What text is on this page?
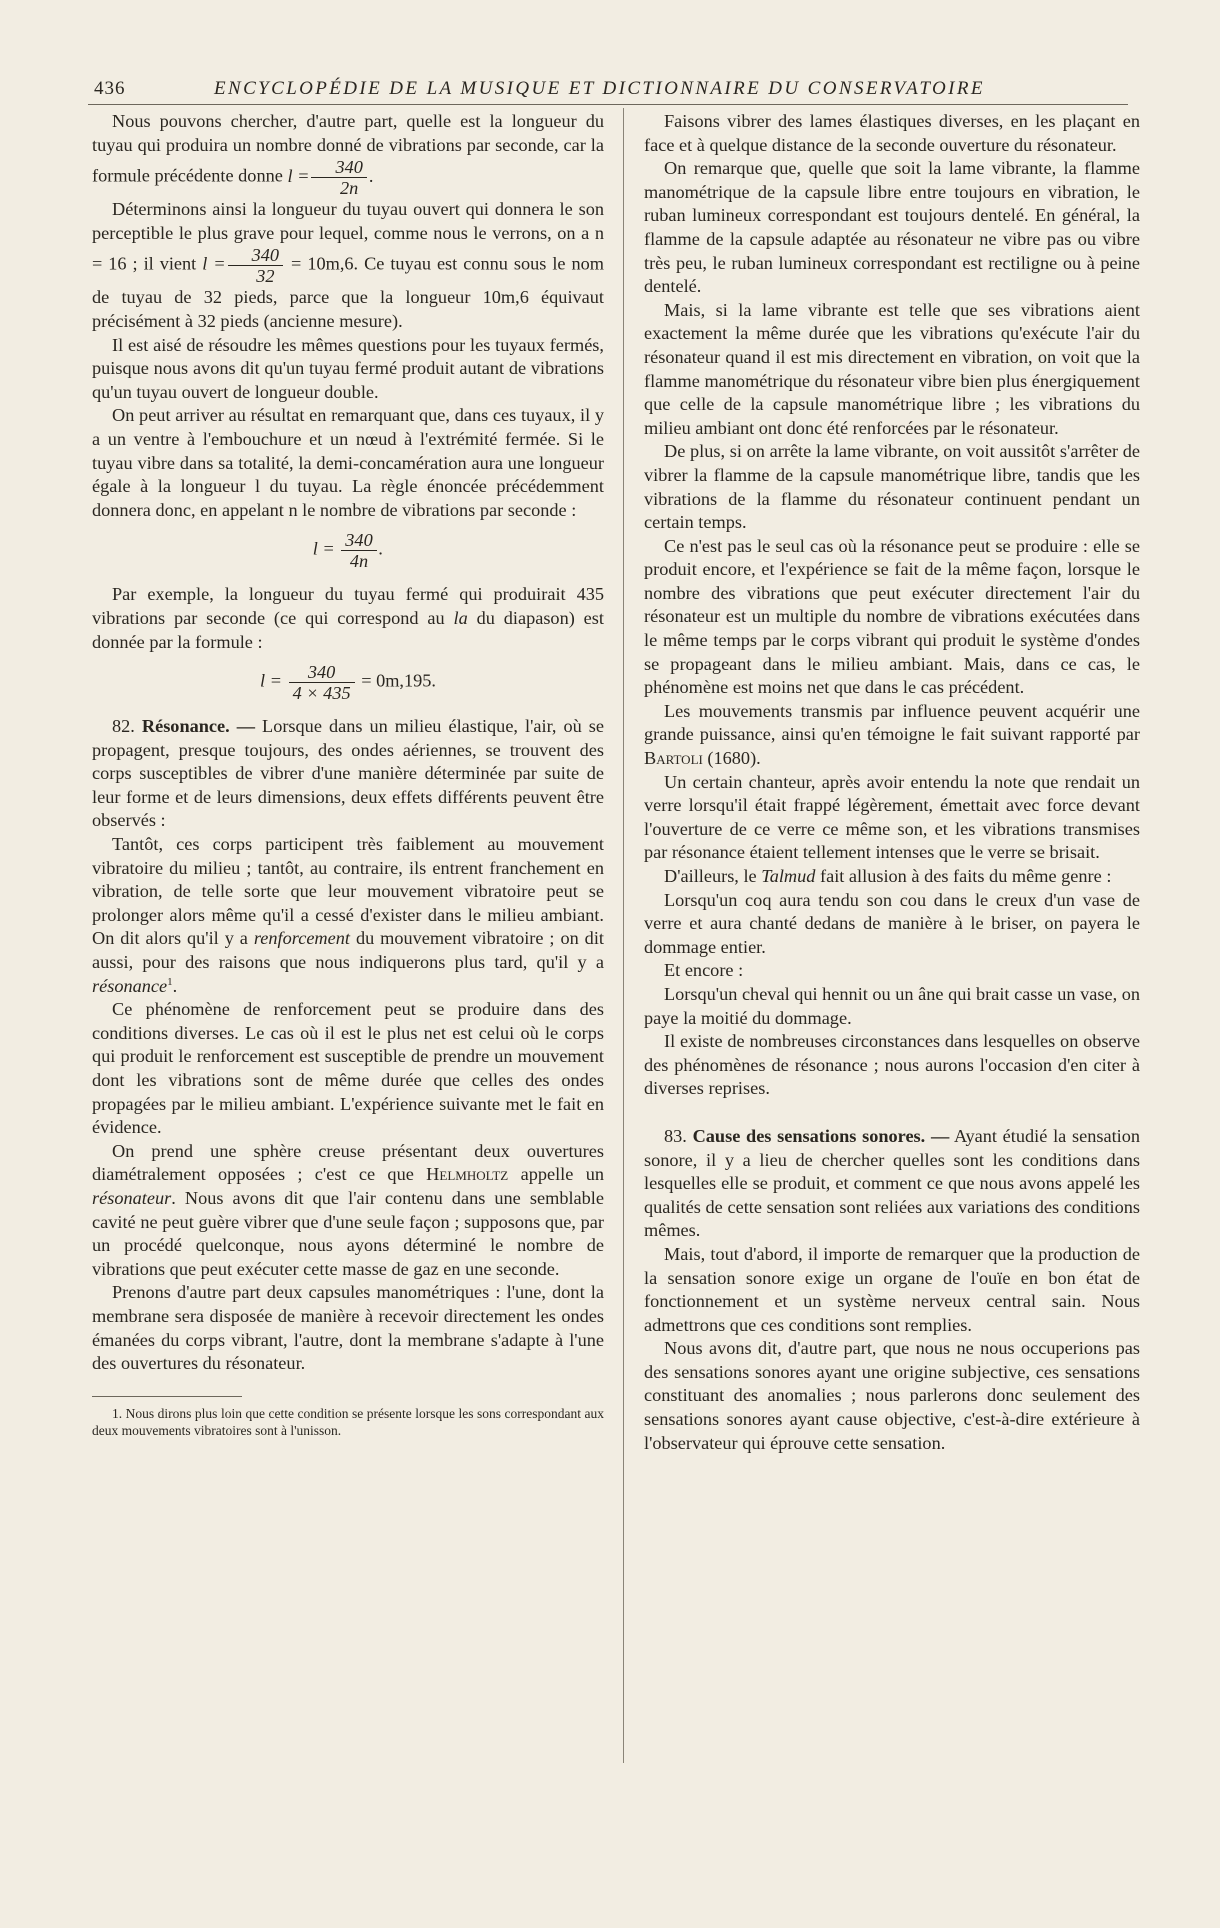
436	ENCYCLOPÉDIE DE LA MUSIQUE ET DICTIONNAIRE DU CONSERVATOIRE

Nous pouvons chercher, d'autre part, quelle est la longueur du tuyau qui produira un nombre donné de vibrations par seconde, car la formule précédente donne $l = \frac{340}{2n}$ .

Déterminons ainsi la longueur du tuyau ouvert qui donnera le son perceptible le plus grave pour lequel, comme nous le verrons, on a n = 16 ; il vient $l = \frac{340}{32} = 10m,6$. Ce tuyau est connu sous le nom de tuyau de 32 pieds, parce que la longueur 10m,6 équivaut précisément à 32 pieds (ancienne mesure).

Il est aisé de résoudre les mêmes questions pour les tuyaux fermés, puisque nous avons dit qu'un tuyau fermé produit autant de vibrations qu'un tuyau ouvert de longueur double.

On peut arriver au résultat en remarquant que, dans ces tuyaux, il y a un ventre à l'embouchure et un nœud à l'extrémité fermée. Si le tuyau vibre dans sa totalité, la demi-concamération aura une longueur égale à la longueur l du tuyau. La règle énoncée précédemment donnera donc, en appelant n le nombre de vibrations par seconde :

$l = \frac{340}{4n}$ .

Par exemple, la longueur du tuyau fermé qui produirait 435 vibrations par seconde (ce qui correspond au la du diapason) est donnée par la formule :

$l = \frac{340}{4 \times 435} = 0m,195$.

82. Résonance. — Lorsque dans un milieu élastique, l'air, où se propagent, presque toujours, des ondes aériennes, se trouvent des corps susceptibles de vibrer d'une manière déterminée par suite de leur forme et de leurs dimensions, deux effets différents peuvent être observés :

Tantôt, ces corps participent très faiblement au mouvement vibratoire du milieu ; tantôt, au contraire, ils entrent franchement en vibration, de telle sorte que leur mouvement vibratoire peut se prolonger alors même qu'il a cessé d'exister dans le milieu ambiant. On dit alors qu'il y a renforcement du mouvement vibratoire ; on dit aussi, pour des raisons que nous indiquerons plus tard, qu'il y a résonance$^1$.

Ce phénomène de renforcement peut se produire dans des conditions diverses. Le cas où il est le plus net est celui où le corps qui produit le renforcement est susceptible de prendre un mouvement dont les vibrations sont de même durée que celles des ondes propagées par le milieu ambiant. L'expérience suivante met le fait en évidence.

On prend une sphère creuse présentant deux ouvertures diamétralement opposées ; c'est ce que Helmholtz appelle un résonateur. Nous avons dit que l'air contenu dans une semblable cavité ne peut guère vibrer que d'une seule façon ; supposons que, par un procédé quelconque, nous ayons déterminé le nombre de vibrations que peut exécuter cette masse de gaz en une seconde.

Prenons d'autre part deux capsules manométriques : l'une, dont la membrane sera disposée de manière à recevoir directement les ondes émanées du corps vibrant, l'autre, dont la membrane s'adapte à l'une des ouvertures du résonateur.

1. Nous dirons plus loin que cette condition se présente lorsque les sons correspondant aux deux mouvements vibratoires sont à l'unisson.

Faisons vibrer des lames élastiques diverses, en les plaçant en face et à quelque distance de la seconde ouverture du résonateur.

On remarque que, quelle que soit la lame vibrante, la flamme manométrique de la capsule libre entre toujours en vibration, le ruban lumineux correspondant est toujours dentelé. En général, la flamme de la capsule adaptée au résonateur ne vibre pas ou vibre très peu, le ruban lumineux correspondant est rectiligne ou à peine dentelé.

Mais, si la lame vibrante est telle que ses vibrations aient exactement la même durée que les vibrations qu'exécute l'air du résonateur quand il est mis directement en vibration, on voit que la flamme manométrique du résonateur vibre bien plus énergiquement que celle de la capsule manométrique libre ; les vibrations du milieu ambiant ont donc été renforcées par le résonateur.

De plus, si on arrête la lame vibrante, on voit aussitôt s'arrêter de vibrer la flamme de la capsule manométrique libre, tandis que les vibrations de la flamme du résonateur continuent pendant un certain temps.

Ce n'est pas le seul cas où la résonance peut se produire : elle se produit encore, et l'expérience se fait de la même façon, lorsque le nombre des vibrations que peut exécuter directement l'air du résonateur est un multiple du nombre de vibrations exécutées dans le même temps par le corps vibrant qui produit le système d'ondes se propageant dans le milieu ambiant. Mais, dans ce cas, le phénomène est moins net que dans le cas précédent.

Les mouvements transmis par influence peuvent acquérir une grande puissance, ainsi qu'en témoigne le fait suivant rapporté par Bartoli (1680).

Un certain chanteur, après avoir entendu la note que rendait un verre lorsqu'il était frappé légèrement, émettait avec force devant l'ouverture de ce verre ce même son, et les vibrations transmises par résonance étaient tellement intenses que le verre se brisait.

D'ailleurs, le Talmud fait allusion à des faits du même genre :

Lorsqu'un coq aura tendu son cou dans le creux d'un vase de verre et aura chanté dedans de manière à le briser, on payera le dommage entier.

Et encore :

Lorsqu'un cheval qui hennit ou un âne qui brait casse un vase, on paye la moitié du dommage.

Il existe de nombreuses circonstances dans lesquelles on observe des phénomènes de résonance ; nous aurons l'occasion d'en citer à diverses reprises.

83. Cause des sensations sonores. — Ayant étudié la sensation sonore, il y a lieu de chercher quelles sont les conditions dans lesquelles elle se produit, et comment ce que nous avons appelé les qualités de cette sensation sont reliées aux variations des conditions mêmes.

Mais, tout d'abord, il importe de remarquer que la production de la sensation sonore exige un organe de l'ouïe en bon état de fonctionnement et un système nerveux central sain. Nous admettrons que ces conditions sont remplies.

Nous avons dit, d'autre part, que nous ne nous occuperions pas des sensations sonores ayant une origine subjective, ces sensations constituant des anomalies ; nous parlerons donc seulement des sensations sonores ayant cause objective, c'est-à-dire extérieure à l'observateur qui éprouve cette sensation.
